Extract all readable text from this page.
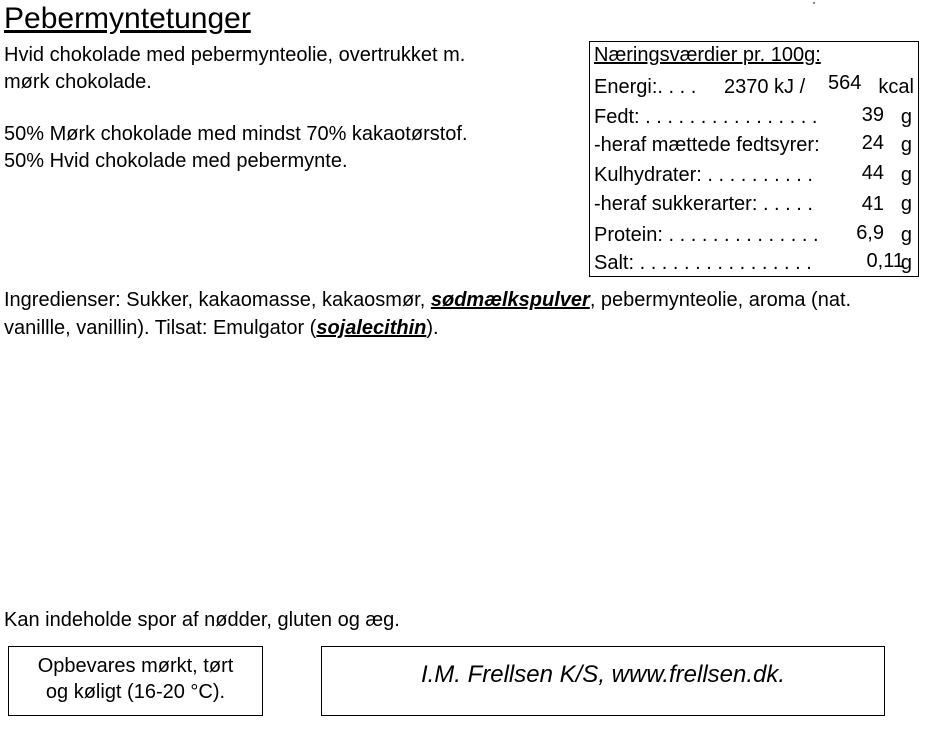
Pebermyntetunger
Hvid chokolade med pebermynteolie, overtrukket m.
mørk chokolade.
50% Mørk chokolade med mindst 70% kakaotørstof.
50% Hvid chokolade med pebermynte.
Næringsværdier pr. 100g:
Energi:. . . . 2370 kJ / 564 kcal
Fedt: . . . . . . . . . . . . . . . . 39 g
-heraf mættede fedtsyrer: 24 g
Kulhydrater: . . . . . . . . . . 44 g
-heraf sukkerarter: . . . . . 41 g
Protein: . . . . . . . . . . . . . . 6,9 g
Salt: . . . . . . . . . . . . . . . .	0,11
g
Ingredienser: Sukker, kakaomasse, kakaosmør, sødmælkspulver, pebermynteolie, aroma (nat. vanillle, vanillin). Tilsat: Emulgator (sojalecithin).
Kan indeholde spor af nødder, gluten og æg.
Opbevares mørkt, tørt
og køligt (16-20 °C).
I.M. Frellsen K/S, www.frellsen.dk.
